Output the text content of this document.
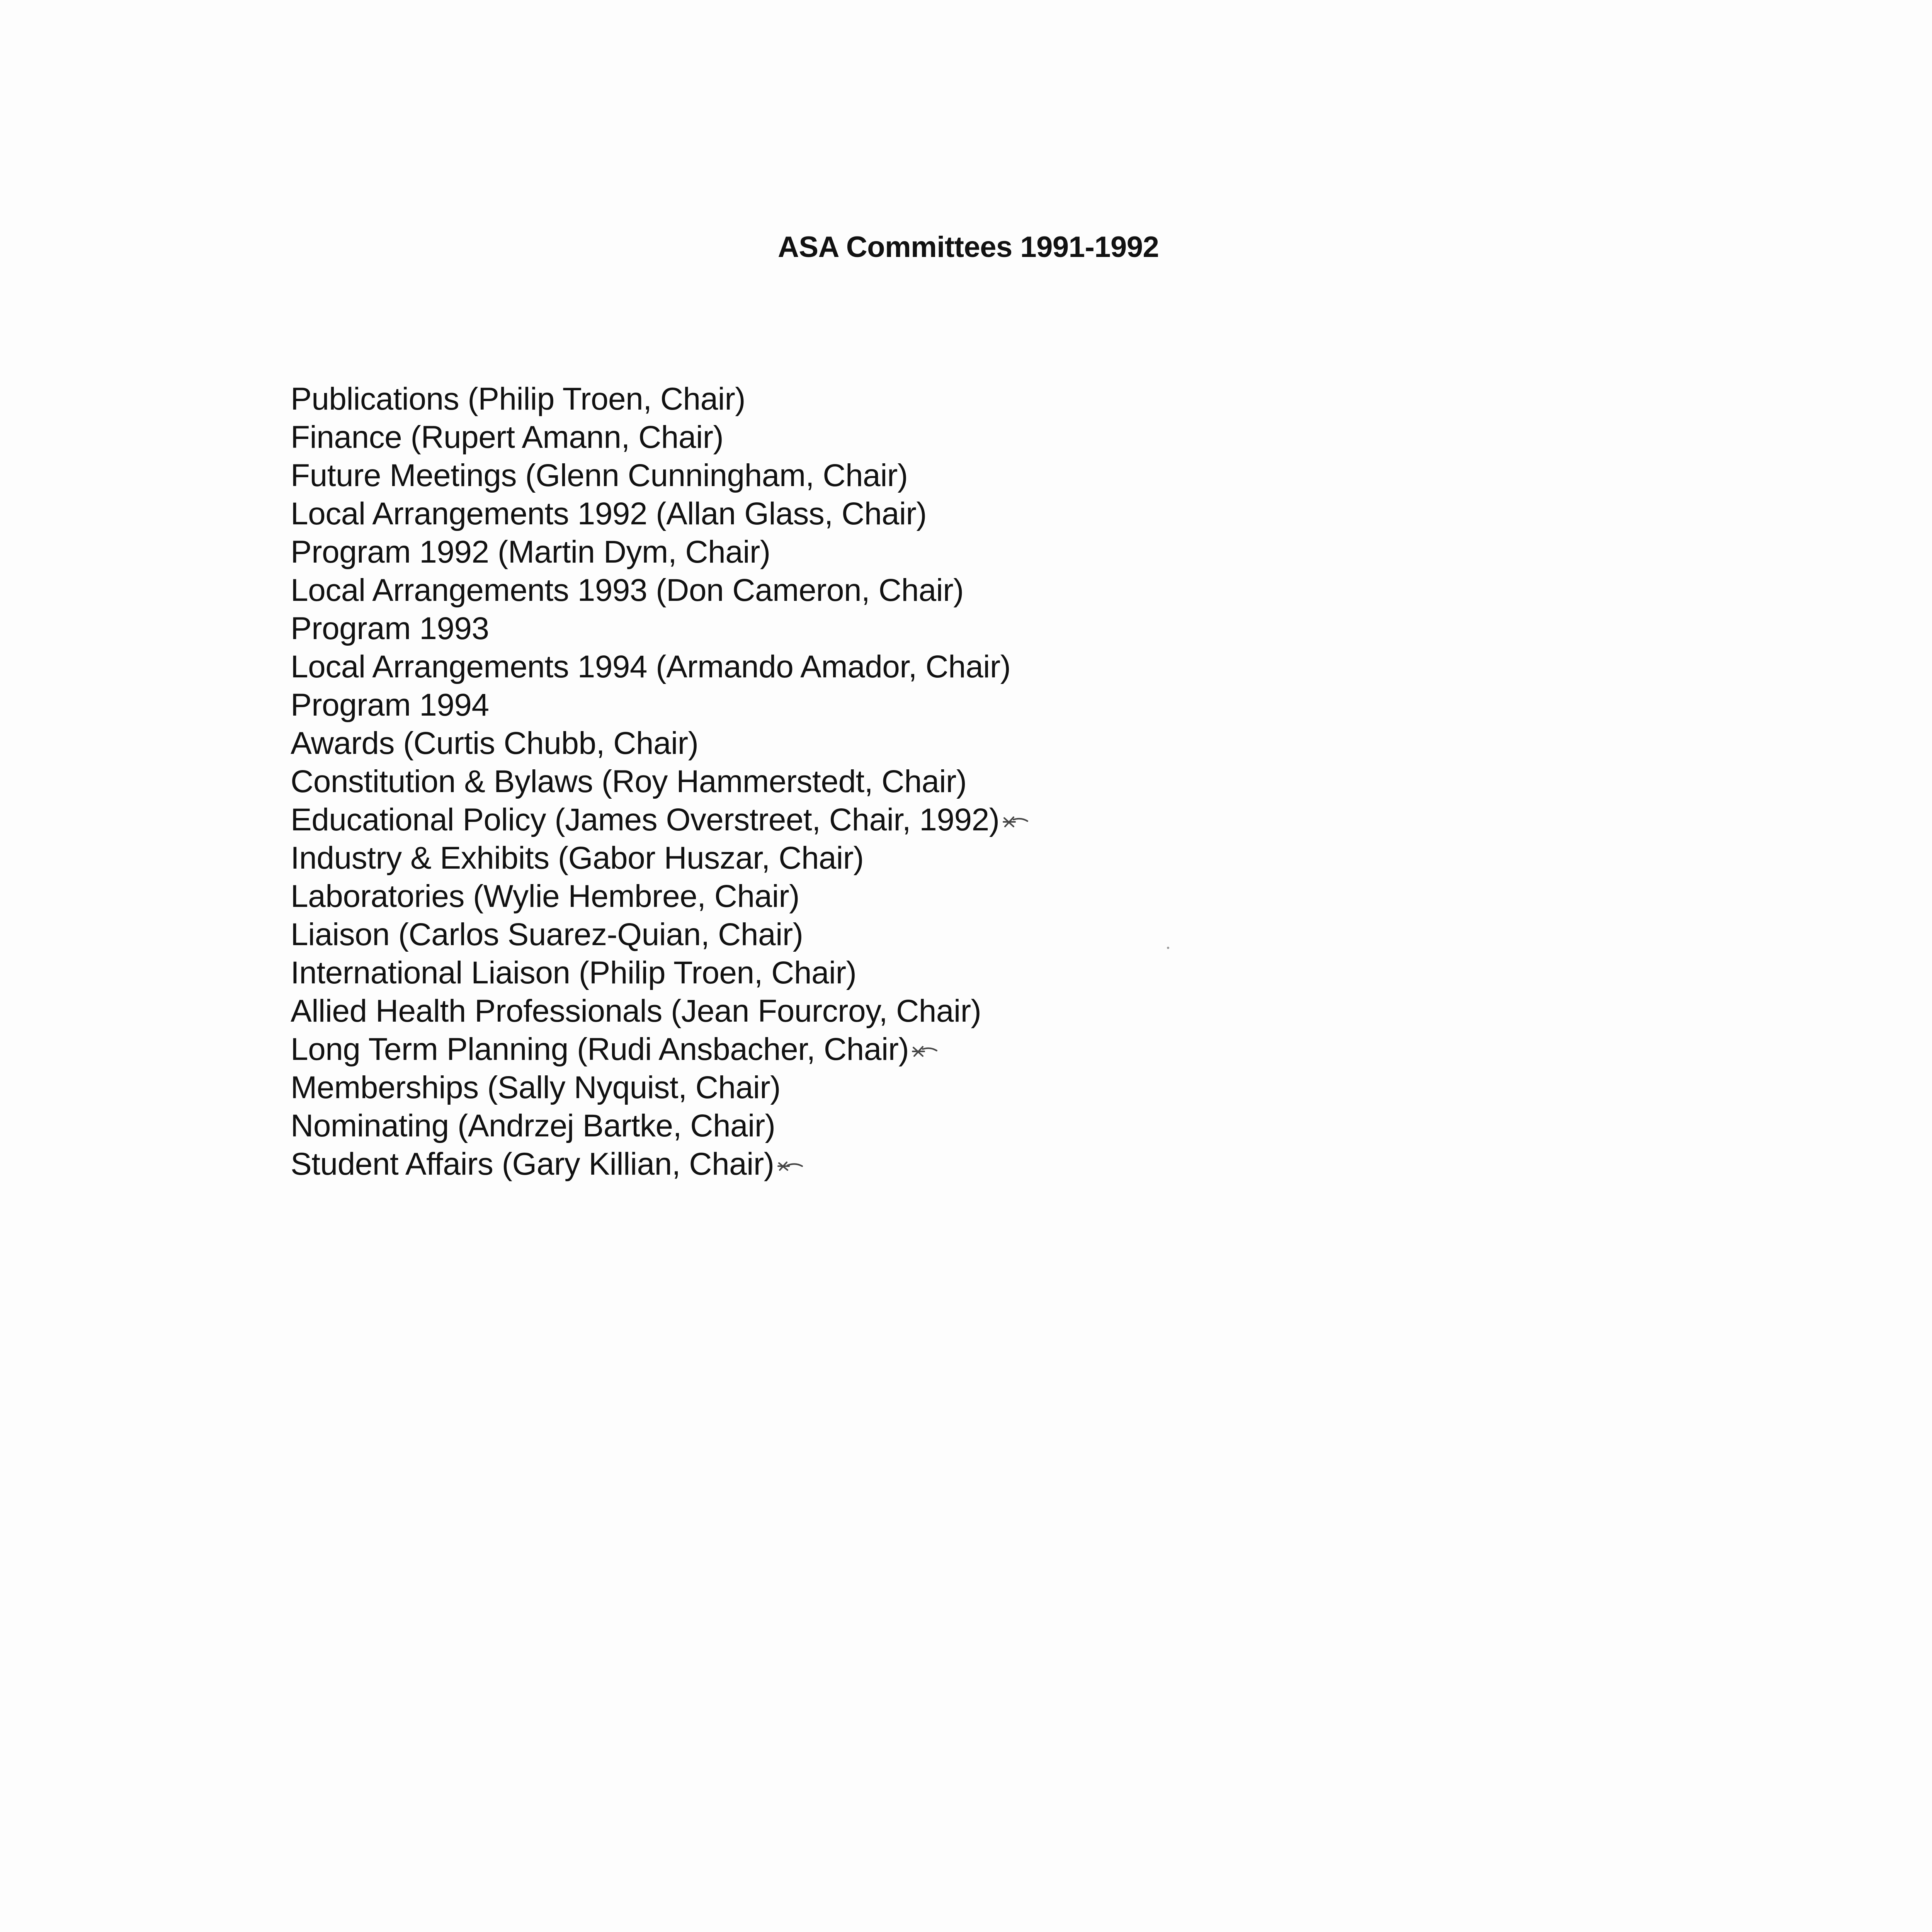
ASA Committees 1991-1992
Publications (Philip Troen, Chair)
Finance (Rupert Amann, Chair)
Future Meetings (Glenn Cunningham, Chair)
Local Arrangements 1992 (Allan Glass, Chair)
Program 1992 (Martin Dym, Chair)
Local Arrangements 1993 (Don Cameron, Chair)
Program 1993
Local Arrangements 1994 (Armando Amador, Chair)
Program 1994
Awards (Curtis Chubb, Chair)
Constitution & Bylaws (Roy Hammerstedt, Chair)
Educational Policy (James Overstreet, Chair, 1992)
Industry & Exhibits (Gabor Huszar, Chair)
Laboratories (Wylie Hembree, Chair)
Liaison (Carlos Suarez-Quian, Chair)
International Liaison (Philip Troen, Chair)
Allied Health Professionals (Jean Fourcroy, Chair)
Long Term Planning (Rudi Ansbacher, Chair)
Memberships (Sally Nyquist, Chair)
Nominating (Andrzej Bartke, Chair)
Student Affairs (Gary Killian, Chair)
